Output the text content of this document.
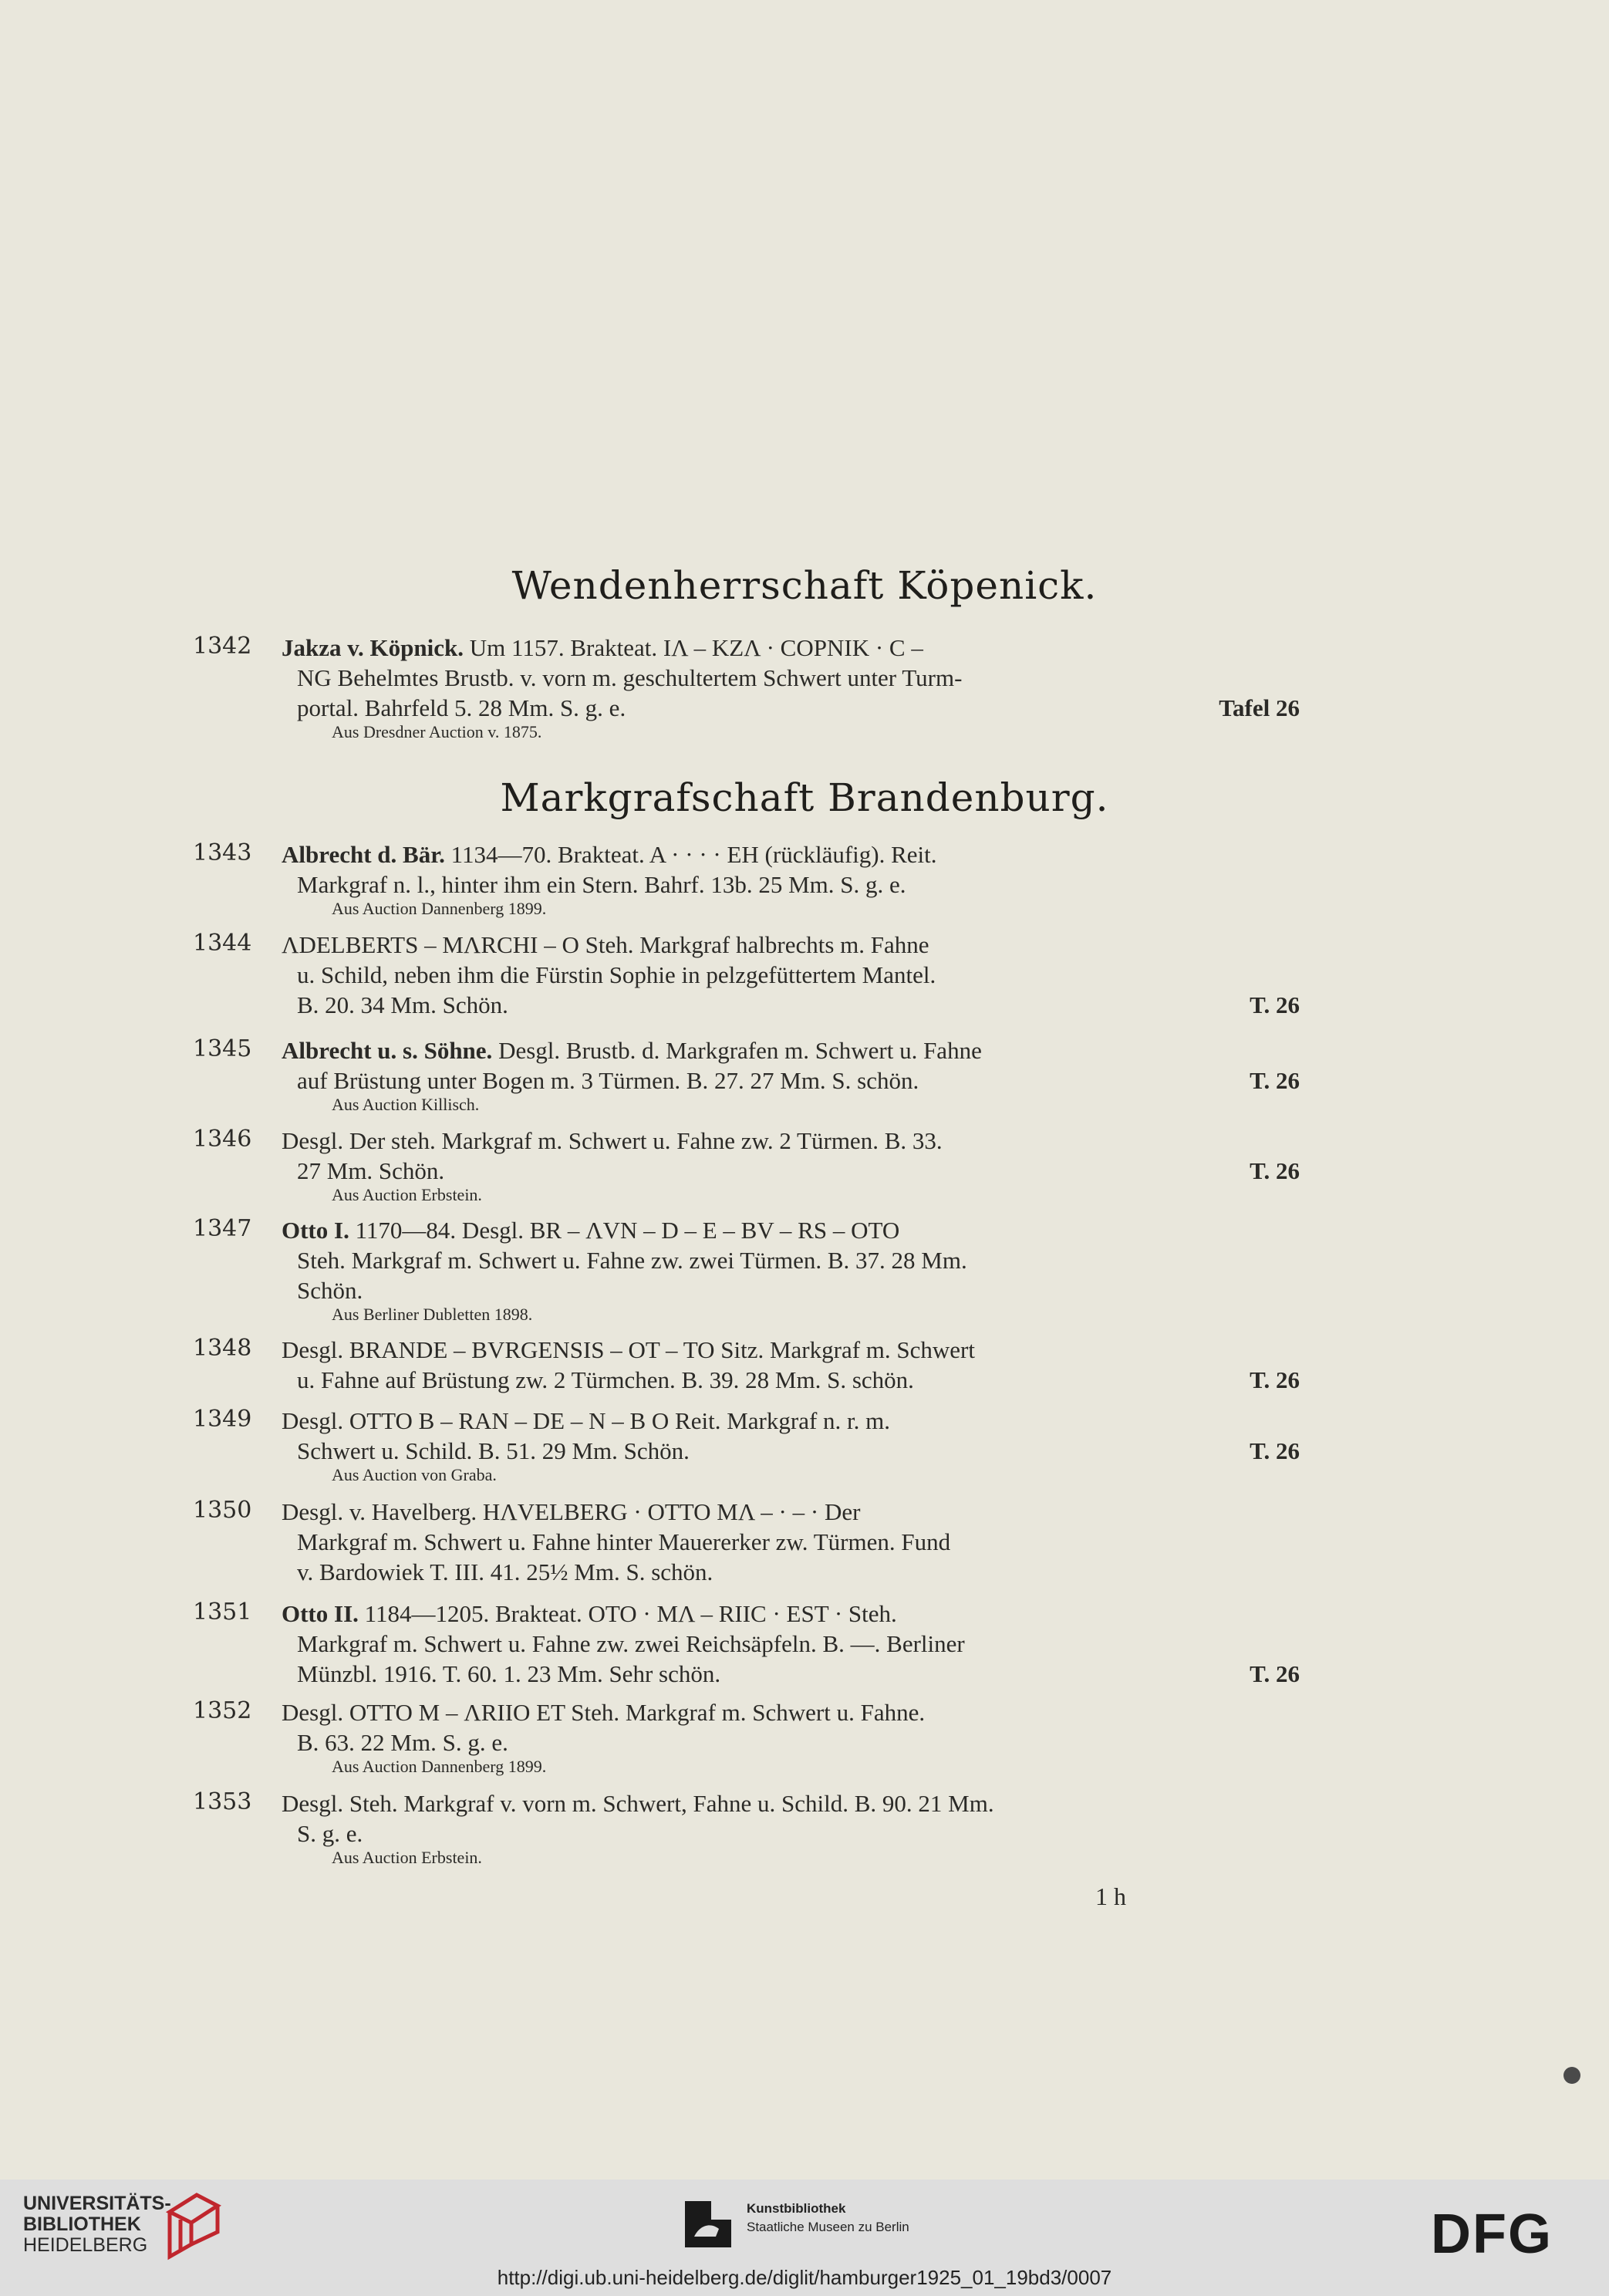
Wendenherrschaft Köpenick.
1342 Jakza v. Köpnick. Um 1157. Brakteat. IΛ – KZΛ · COPNIK · C –
NG Behelmtes Brustb. v. vorn m. geschultertem Schwert unter Turm-
portal. Bahrfeld 5. 28 Mm. S. g. e.	Tafel 26
Aus Dresdner Auction v. 1875.
Markgrafschaft Brandenburg.
1343 Albrecht d. Bär. 1134—70. Brakteat. A · · · · EH (rückläufig). Reit.
Markgraf n. l., hinter ihm ein Stern. Bahrf. 13b. 25 Mm. S. g. e.
Aus Auction Dannenberg 1899.
1344 ΛDELBERTS – MΛRCHI – O Steh. Markgraf halbrechts m. Fahne
u. Schild, neben ihm die Fürstin Sophie in pelzgefüttertem Mantel.
B. 20. 34 Mm. Schön.	T. 26
1345 Albrecht u. s. Söhne. Desgl. Brustb. d. Markgrafen m. Schwert u. Fahne
auf Brüstung unter Bogen m. 3 Türmen. B. 27. 27 Mm. S. schön.	T. 26
Aus Auction Killisch.
1346 Desgl. Der steh. Markgraf m. Schwert u. Fahne zw. 2 Türmen. B. 33.
27 Mm. Schön.	T. 26
Aus Auction Erbstein.
1347 Otto I. 1170—84. Desgl. BR – ΛVN – D – E – BV – RS – OTO
Steh. Markgraf m. Schwert u. Fahne zw. zwei Türmen. B. 37. 28 Mm.
Schön.
Aus Berliner Dubletten 1898.
1348 Desgl. BRANDE – BVRGENSIS – OT – TO Sitz. Markgraf m. Schwert
u. Fahne auf Brüstung zw. 2 Türmchen. B. 39. 28 Mm. S. schön.	T. 26
1349 Desgl. OTTO B – RAN – DE – N – B O Reit. Markgraf n. r. m.
Schwert u. Schild. B. 51. 29 Mm. Schön.	T. 26
Aus Auction von Graba.
1350 Desgl. v. Havelberg. HΛVELBERG · OTTO MΛ – · – · Der
Markgraf m. Schwert u. Fahne hinter Mauererker zw. Türmen. Fund
v. Bardowiek T. III. 41. 25½ Mm. S. schön.
1351 Otto II. 1184—1205. Brakteat. OTO · MΛ – RIIC · EST · Steh.
Markgraf m. Schwert u. Fahne zw. zwei Reichsäpfeln. B. —. Berliner
Münzbl. 1916. T. 60. 1. 23 Mm. Sehr schön.	T. 26
1352 Desgl. OTTO M – ΛRIIO ET Steh. Markgraf m. Schwert u. Fahne.
B. 63. 22 Mm. S. g. e.
Aus Auction Dannenberg 1899.
1353 Desgl. Steh. Markgraf v. vorn m. Schwert, Fahne u. Schild. B. 90. 21 Mm.
S. g. e.
Aus Auction Erbstein.
1 h
UNIVERSITÄTS-
BIBLIOTHEK
HEIDELBERG
Kunstbibliothek
Staatliche Museen zu Berlin	DFG
http://digi.ub.uni-heidelberg.de/diglit/hamburger1925_01_19bd3/0007
